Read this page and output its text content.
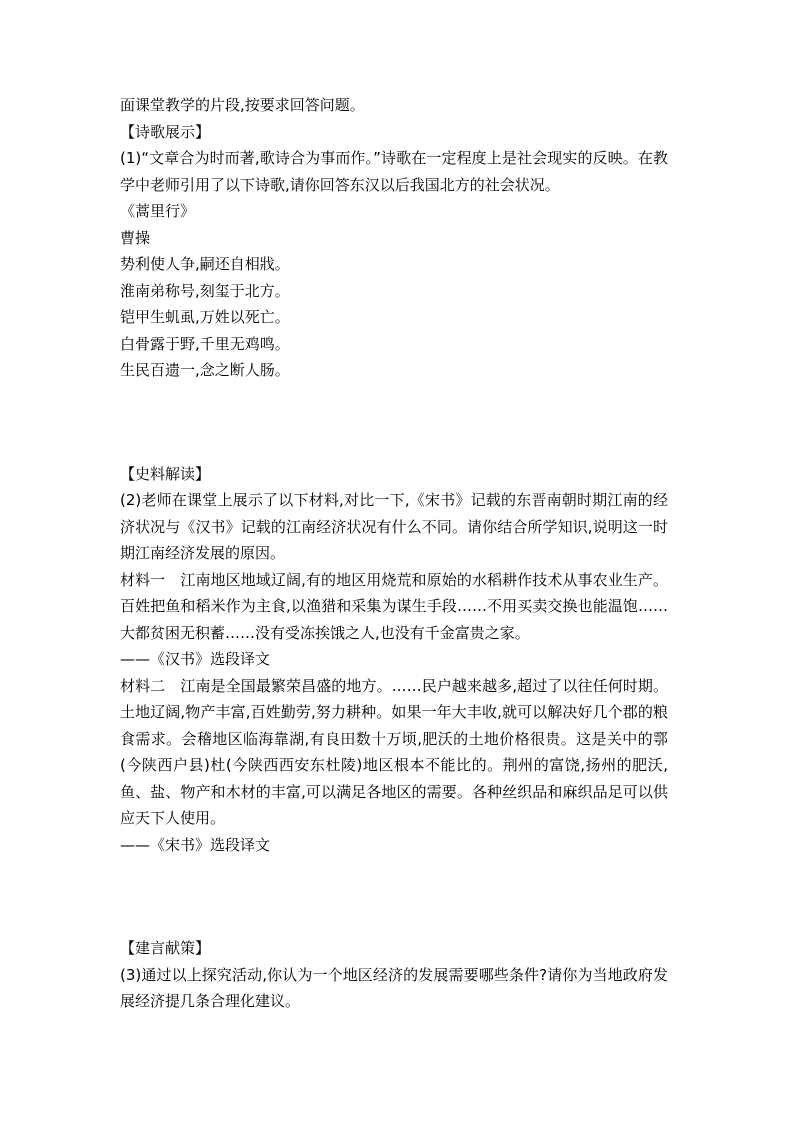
面课堂教学的片段,按要求回答问题。
【诗歌展示】
(1)“文章合为时而著,歌诗合为事而作。”诗歌在一定程度上是社会现实的反映。在教学中老师引用了以下诗歌,请你回答东汉以后我国北方的社会状况。
《蒿里行》
曹操
势利使人争,嗣还自相戕。
淮南弟称号,刻玺于北方。
铠甲生虮虱,万姓以死亡。
白骨露于野,千里无鸡鸣。
生民百遗一,念之断人肠。
【史料解读】
(2)老师在课堂上展示了以下材料,对比一下,《宋书》记载的东晋南朝时期江南的经济状况与《汉书》记载的江南经济状况有什么不同。请你结合所学知识,说明这一时期江南经济发展的原因。
材料一　江南地区地域辽阔,有的地区用烧荒和原始的水稻耕作技术从事农业生产。百姓把鱼和稻米作为主食,以渔猎和采集为谋生手段……不用买卖交换也能温饱……大都贫困无积蓄……没有受冻挨饿之人,也没有千金富贵之家。
——《汉书》选段译文
材料二　江南是全国最繁荣昌盛的地方。……民户越来越多,超过了以往任何时期。土地辽阔,物产丰富,百姓勤劳,努力耕种。如果一年大丰收,就可以解决好几个郡的粮食需求。会稽地区临海靠湖,有良田数十万顷,肥沃的土地价格很贵。这是关中的鄠(今陕西户县)杜(今陕西西安东杜陵)地区根本不能比的。荆州的富饶,扬州的肥沃,鱼、盐、物产和木材的丰富,可以满足各地区的需要。各种丝织品和麻织品足可以供应天下人使用。
——《宋书》选段译文
【建言献策】
(3)通过以上探究活动,你认为一个地区经济的发展需要哪些条件?请你为当地政府发展经济提几条合理化建议。
